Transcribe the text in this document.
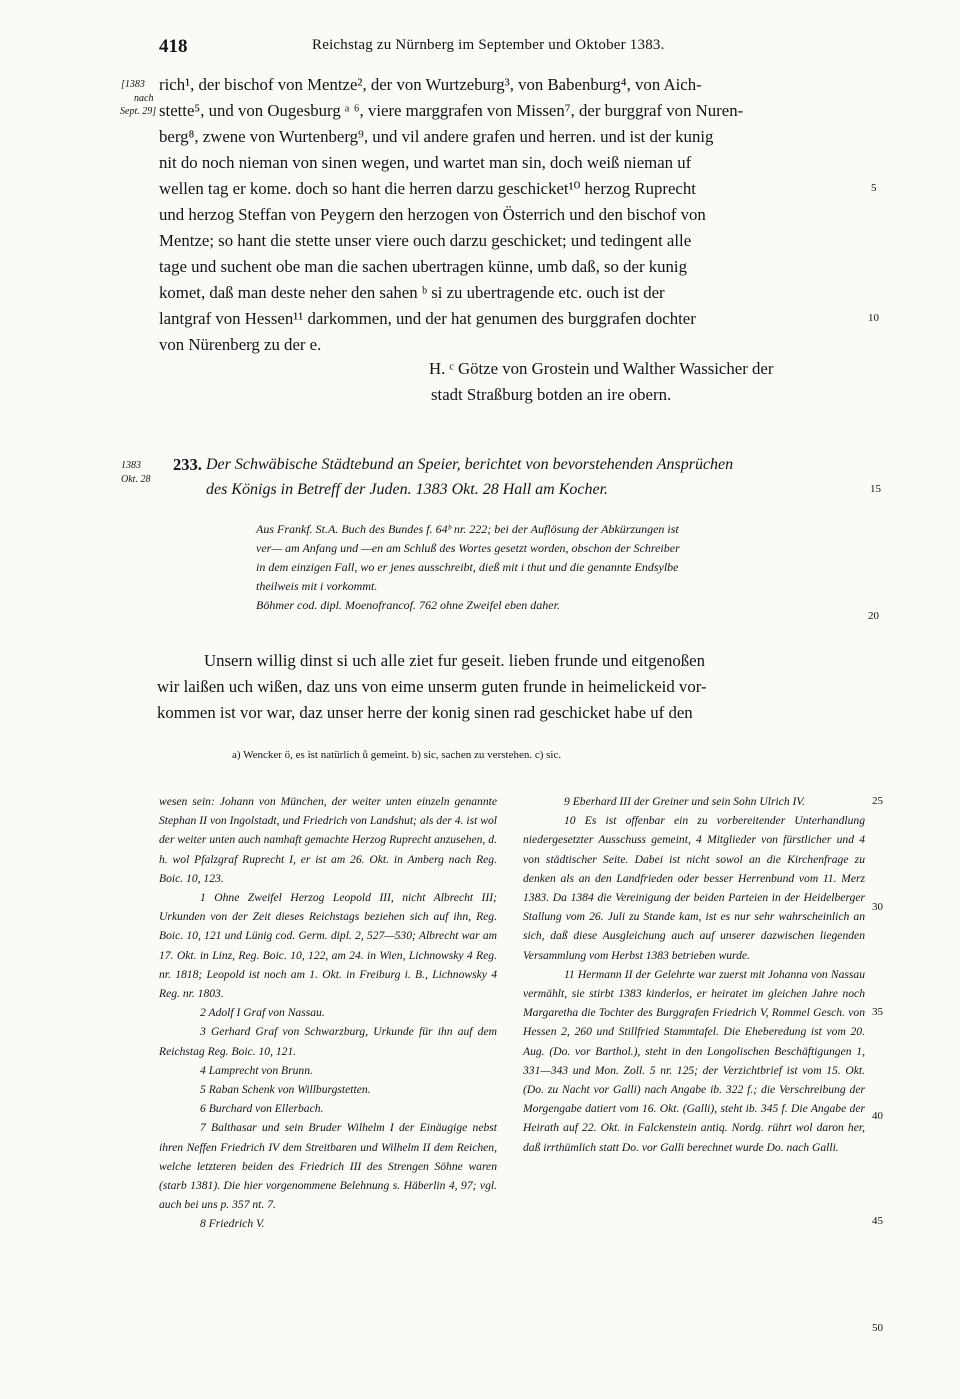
418	Reichstag zu Nürnberg im September und Oktober 1383.
[1383
nach
Sept. 29]
1383
Okt. 28
rich¹, der bischof von Mentze², der von Wurtzeburg³, von Babenburg⁴, von Aich-
stette⁵, und von Ougesburg ᵃ ⁶, viere marggrafen von Missen⁷, der burggraf von Nuren-
berg⁸, zwene von Wurtenberg⁹, und vil andere grafen und herren. und ist der kunig
nit do noch nieman von sinen wegen, und wartet man sin, doch weiß nieman uf
wellen tag er kome. doch so hant die herren darzu geschicket¹⁰ herzog Ruprecht
und herzog Steffan von Peygern den herzogen von Österrich und den bischof von
Mentze; so hant die stette unser viere ouch darzu geschicket; und tedingent alle
tage und suchent obe man die sachen ubertragen künne, umb daß, so der kunig
komet, daß man deste neher den sahen ᵇ si zu ubertragende etc. ouch ist der
lantgraf von Hessen¹¹ darkommen, und der hat genumen des burggrafen dochter
von Nürenberg zu der e.
H. ᶜ Götze von Grostein und Walther Wassicher der
stadt Straßburg botden an ire obern.
5
10
15
20
233. Der Schwäbische Städtebund an Speier, berichtet von bevorstehenden Ansprüchen
des Königs in Betreff der Juden. 1383 Okt. 28 Hall am Kocher.
Aus Frankf. St.A. Buch des Bundes f. 64ᵇ nr. 222; bei der Auflösung der Abkürzungen ist
ver— am Anfang und —en am Schluß des Wortes gesetzt worden, obschon der Schreiber
in dem einzigen Fall, wo er jenes ausschreibt, dieß mit i thut und die genannte Endsylbe
theilweis mit i vorkommt.
Böhmer cod. dipl. Moenofrancof. 762 ohne Zweifel eben daher.
Unsern willig dinst si uch alle ziet fur geseit. lieben frunde und eitgenoßen
wir laißen uch wißen, daz uns von eime unserm guten frunde in heimelickeid vor-
kommen ist vor war, daz unser herre der konig sinen rad geschicket habe uf den
a) Wencker ö, es ist natürlich ů gemeint. b) sic, sachen zu verstehen. c) sic.

wesen sein: Johann von München, der weiter unten einzeln genannte Stephan II von Ingolstadt, und Friedrich von Landshut; als der 4. ist wol der weiter unten auch namhaft gemachte Herzog Ruprecht anzusehen, d. h. wol Pfalzgraf Ruprecht I, er ist am 26. Okt. in Amberg nach Reg. Boic. 10, 123.

1 Ohne Zweifel Herzog Leopold III, nicht Albrecht III; Urkunden von der Zeit dieses Reichstags beziehen sich auf ihn, Reg. Boic. 10, 121 und Lünig cod. Germ. dipl. 2, 527—530; Albrecht war am 17. Okt. in Linz, Reg. Boic. 10, 122, am 24. in Wien, Lichnowsky 4 Reg. nr. 1818; Leopold ist noch am 1. Okt. in Freiburg i. B., Lichnowsky 4 Reg. nr. 1803.

2 Adolf I Graf von Nassau.

3 Gerhard Graf von Schwarzburg, Urkunde für ihn auf dem Reichstag Reg. Boic. 10, 121.

4 Lamprecht von Brunn.

5 Raban Schenk von Willburgstetten.

6 Burchard von Ellerbach.

7 Balthasar und sein Bruder Wilhelm I der Einäugige nebst ihren Neffen Friedrich IV dem Streitbaren und Wilhelm II dem Reichen, welche letzteren beiden des Friedrich III des Strengen Söhne waren (starb 1381). Die hier vorgenommene Belehnung s. Häberlin 4, 97; vgl. auch bei uns p. 357 nt. 7.

8 Friedrich V.

9 Eberhard III der Greiner und sein Sohn Ulrich IV.

10 Es ist offenbar ein zu vorbereitender Unterhandlung niedergesetzter Ausschuss gemeint, 4 Mitglieder von fürstlicher und 4 von städtischer Seite. Dabei ist nicht sowol an die Kirchenfrage zu denken als an den Landfrieden oder besser Herrenbund vom 11. Merz 1383. Da 1384 die Vereinigung der beiden Parteien in der Heidelberger Stallung vom 26. Juli zu Stande kam, ist es nur sehr wahrscheinlich an sich, daß diese Ausgleichung auch auf unserer dazwischen liegenden Versammlung vom Herbst 1383 betrieben wurde.

11 Hermann II der Gelehrte war zuerst mit Johanna von Nassau vermählt, sie stirbt 1383 kinderlos, er heiratet im gleichen Jahre noch Margaretha die Tochter des Burggrafen Friedrich V, Rommel Gesch. von Hessen 2, 260 und Stillfried Stammtafel. Die Eheberedung ist vom 20. Aug. (Do. vor Barthol.), steht in den Longolischen Beschäftigungen 1, 331—343 und Mon. Zoll. 5 nr. 125; der Verzichtbrief ist vom 15. Okt. (Do. zu Nacht vor Galli) nach Angabe ib. 322 f.; die Verschreibung der Morgengabe datiert vom 16. Okt. (Galli), steht ib. 345 f. Die Angabe der Heirath auf 22. Okt. in Falckenstein antiq. Nordg. rührt wol daron her, daß irrthümlich statt Do. vor Galli berechnet wurde Do. nach Galli.

25
30
35
40
45
50
